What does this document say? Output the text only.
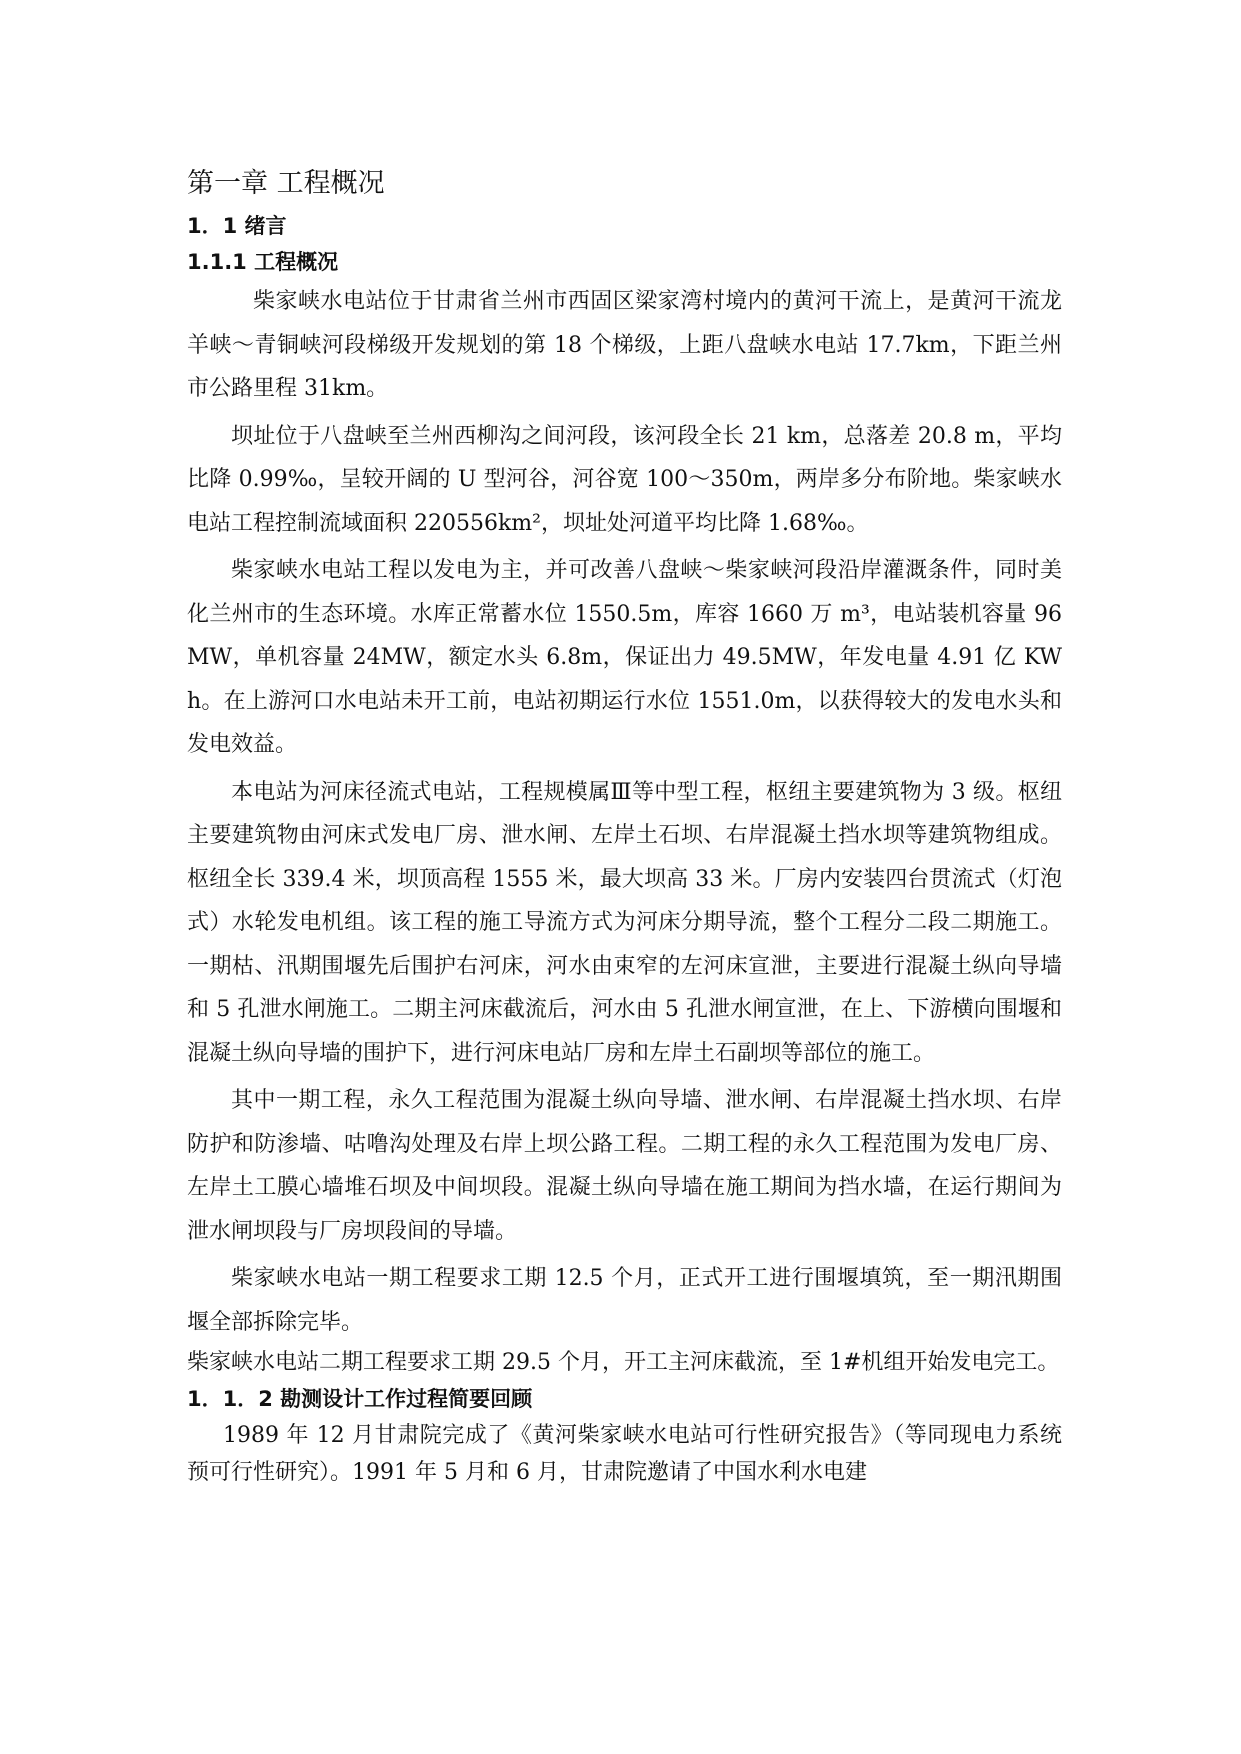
第一章 工程概况
1．1 绪言
1.1.1 工程概况

柴家峡水电站位于甘肃省兰州市西固区梁家湾村境内的黄河干流上，是黄河干流龙羊峡～青铜峡河段梯级开发规划的第 18 个梯级，上距八盘峡水电站 17.7km，下距兰州市公路里程 31km。

坝址位于八盘峡至兰州西柳沟之间河段，该河段全长 21 km，总落差 20.8 m，平均比降 0.99‰，呈较开阔的 U 型河谷，河谷宽 100～350m，两岸多分布阶地。柴家峡水电站工程控制流域面积 220556km²，坝址处河道平均比降 1.68‰。

柴家峡水电站工程以发电为主，并可改善八盘峡～柴家峡河段沿岸灌溉条件，同时美化兰州市的生态环境。水库正常蓄水位 1550.5m，库容 1660 万 m³，电站装机容量 96MW，单机容量 24MW，额定水头 6.8m，保证出力 49.5MW，年发电量 4.91 亿 KWh。在上游河口水电站未开工前，电站初期运行水位 1551.0m，以获得较大的发电水头和发电效益。

本电站为河床径流式电站，工程规模属Ⅲ等中型工程，枢纽主要建筑物为 3 级。枢纽主要建筑物由河床式发电厂房、泄水闸、左岸土石坝、右岸混凝土挡水坝等建筑物组成。枢纽全长 339.4 米，坝顶高程 1555 米，最大坝高 33 米。厂房内安装四台贯流式（灯泡式）水轮发电机组。该工程的施工导流方式为河床分期导流，整个工程分二段二期施工。一期枯、汛期围堰先后围护右河床，河水由束窄的左河床宣泄，主要进行混凝土纵向导墙和 5 孔泄水闸施工。二期主河床截流后，河水由 5 孔泄水闸宣泄，在上、下游横向围堰和混凝土纵向导墙的围护下，进行河床电站厂房和左岸土石副坝等部位的施工。

其中一期工程，永久工程范围为混凝土纵向导墙、泄水闸、右岸混凝土挡水坝、右岸防护和防渗墙、咕噜沟处理及右岸上坝公路工程。二期工程的永久工程范围为发电厂房、左岸土工膜心墙堆石坝及中间坝段。混凝土纵向导墙在施工期间为挡水墙，在运行期间为泄水闸坝段与厂房坝段间的导墙。

柴家峡水电站一期工程要求工期 12.5 个月，正式开工进行围堰填筑，至一期汛期围堰全部拆除完毕。

柴家峡水电站二期工程要求工期 29.5 个月，开工主河床截流，至 1#机组开始发电完工。

1．1．2 勘测设计工作过程简要回顾

1989 年 12 月甘肃院完成了《黄河柴家峡水电站可行性研究报告》（等同现电力系统预可行性研究）。1991 年 5 月和 6 月，甘肃院邀请了中国水利水电建
